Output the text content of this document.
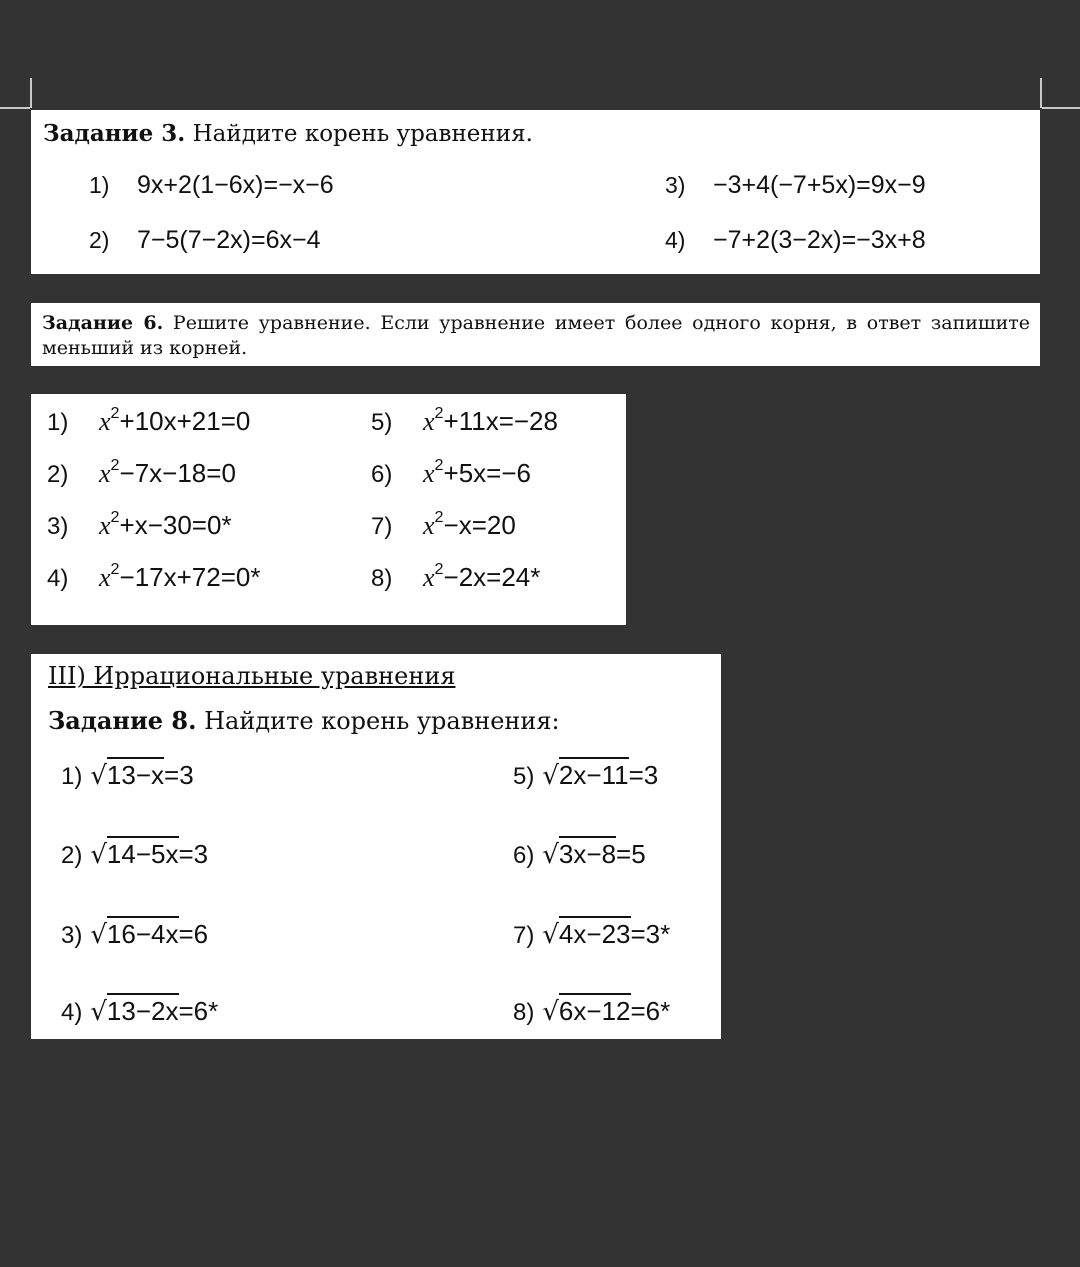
Задание 3. Найдите корень уравнения.
1) 9x+2(1−6x)=−x−6
2) 7−5(7−2x)=6x−4
3) −3+4(−7+5x)=9x−9
4) −7+2(3−2x)=−3x+8
Задание 6. Решите уравнение. Если уравнение имеет более одного корня, в ответ запишите меньший из корней.
1) $x^2+10x+21=0$
2) $x^2-7x-18=0$
3) $x^2+x-30=0*$
4) $x^2-17x+72=0*$
5) $x^2+11x=-28$
6) $x^2+5x=-6$
7) $x^2-x=20$
8) $x^2-2x=24*$
III) Иррациональные уравнения
Задание 8. Найдите корень уравнения:
1) √13−x=3
2) √14−5x=3
3) √16−4x=6
4) √13−2x=6*
5) √2x−11=3
6) √3x−8=5
7) √4x−23=3*
8) √6x−12=6*
